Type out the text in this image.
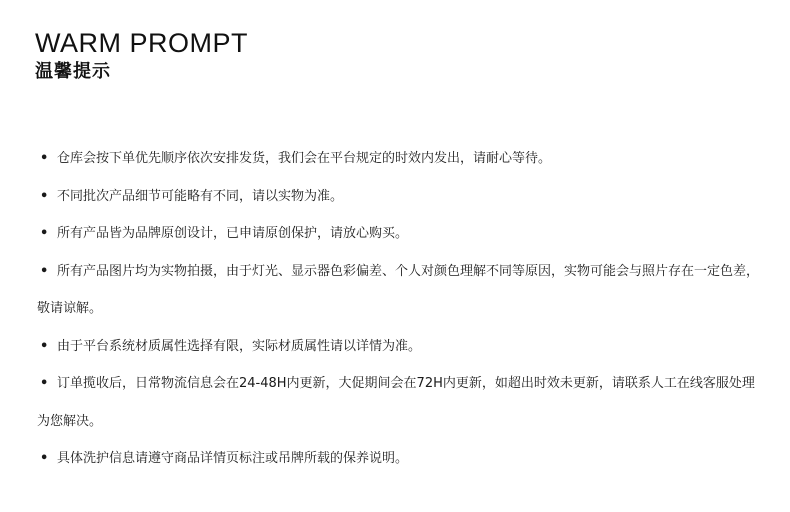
WARM PROMPT
温馨提示
• 仓库会按下单优先顺序依次安排发货，我们会在平台规定的时效内发出，请耐心等待。
• 不同批次产品细节可能略有不同，请以实物为准。
• 所有产品皆为品牌原创设计，已申请原创保护，请放心购买。
• 所有产品图片均为实物拍摄，由于灯光、显示器色彩偏差、个人对颜色理解不同等原因，实物可能会与照片存在一定色差，敬请谅解。
• 由于平台系统材质属性选择有限，实际材质属性请以详情为准。
• 订单揽收后，日常物流信息会在24-48H内更新，大促期间会在72H内更新，如超出时效未更新，请联系人工在线客服处理为您解决。
• 具体洗护信息请遵守商品详情页标注或吊牌所载的保养说明。
